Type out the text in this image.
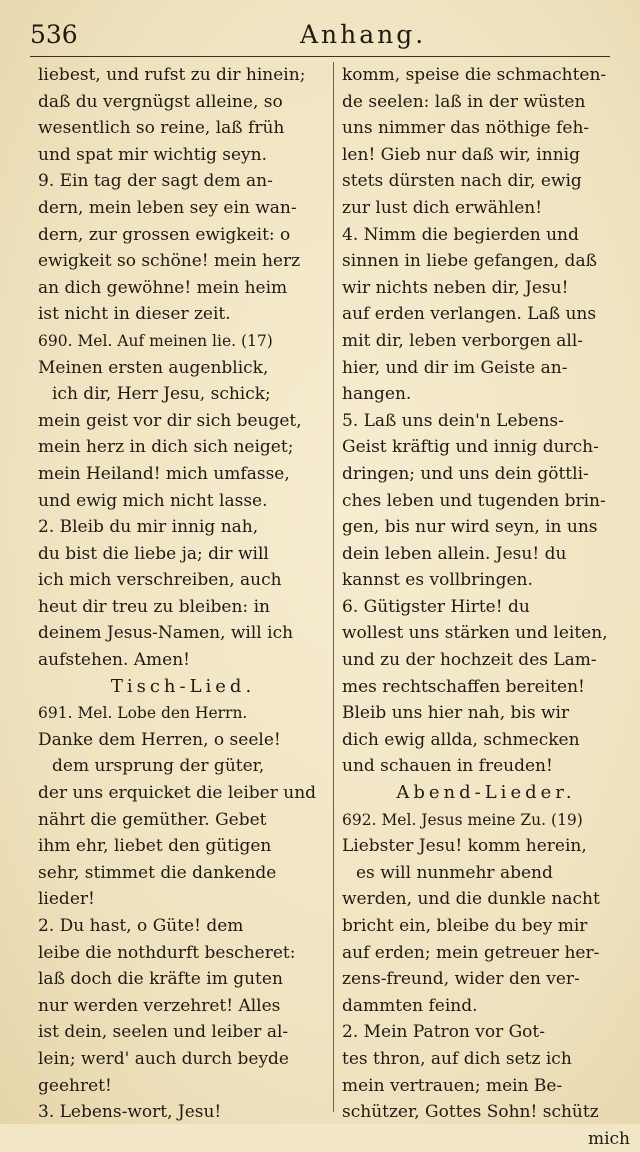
536	Anhang.
liebest, und rufst zu dir hinein;
daß du vergnügst alleine, so
wesentlich so reine, laß früh
und spat mir wichtig seyn.
9. Ein tag der sagt dem an-
dern, mein leben sey ein wan-
dern, zur grossen ewigkeit: o
ewigkeit so schöne! mein herz
an dich gewöhne! mein heim
ist nicht in dieser zeit.
690. Mel. Auf meinen lie. (17)
Meinen ersten augenblick,
ich dir, Herr Jesu, schick;
mein geist vor dir sich beuget,
mein herz in dich sich neiget;
mein Heiland! mich umfasse,
und ewig mich nicht lasse.
2. Bleib du mir innig nah,
du bist die liebe ja; dir will
ich mich verschreiben, auch
heut dir treu zu bleiben: in
deinem Jesus-Namen, will ich
aufstehen. Amen!
Tisch-Lied.
691. Mel. Lobe den Herrn.
Danke dem Herren, o seele!
dem ursprung der güter,
der uns erquicket die leiber und
nährt die gemüther. Gebet
ihm ehr, liebet den gütigen
sehr, stimmet die dankende
lieder!
2. Du hast, o Güte! dem
leibe die nothdurft bescheret:
laß doch die kräfte im guten
nur werden verzehret! Alles
ist dein, seelen und leiber al-
lein; werd' auch durch beyde
geehret!
3. Lebens-wort, Jesu!
komm, speise die schmachten-
de seelen: laß in der wüsten
uns nimmer das nöthige feh-
len! Gieb nur daß wir, innig
stets dürsten nach dir, ewig
zur lust dich erwählen!
4. Nimm die begierden und
sinnen in liebe gefangen, daß
wir nichts neben dir, Jesu!
auf erden verlangen. Laß uns
mit dir, leben verborgen all-
hier, und dir im Geiste an-
hangen.
5. Laß uns dein'n Lebens-
Geist kräftig und innig durch-
dringen; und uns dein göttli-
ches leben und tugenden brin-
gen, bis nur wird seyn, in uns
dein leben allein. Jesu! du
kannst es vollbringen.
6. Gütigster Hirte! du
wollest uns stärken und leiten,
und zu der hochzeit des Lam-
mes rechtschaffen bereiten!
Bleib uns hier nah, bis wir
dich ewig allda, schmecken
und schauen in freuden!
Abend-Lieder.
692. Mel. Jesus meine Zu. (19)
Liebster Jesu! komm herein,
es will nunmehr abend
werden, und die dunkle nacht
bricht ein, bleibe du bey mir
auf erden; mein getreuer her-
zens-freund, wider den ver-
dammten feind.
2. Mein Patron vor Got-
tes thron, auf dich setz ich
mein vertrauen; mein Be-
schützer, Gottes Sohn! schütz
mich
